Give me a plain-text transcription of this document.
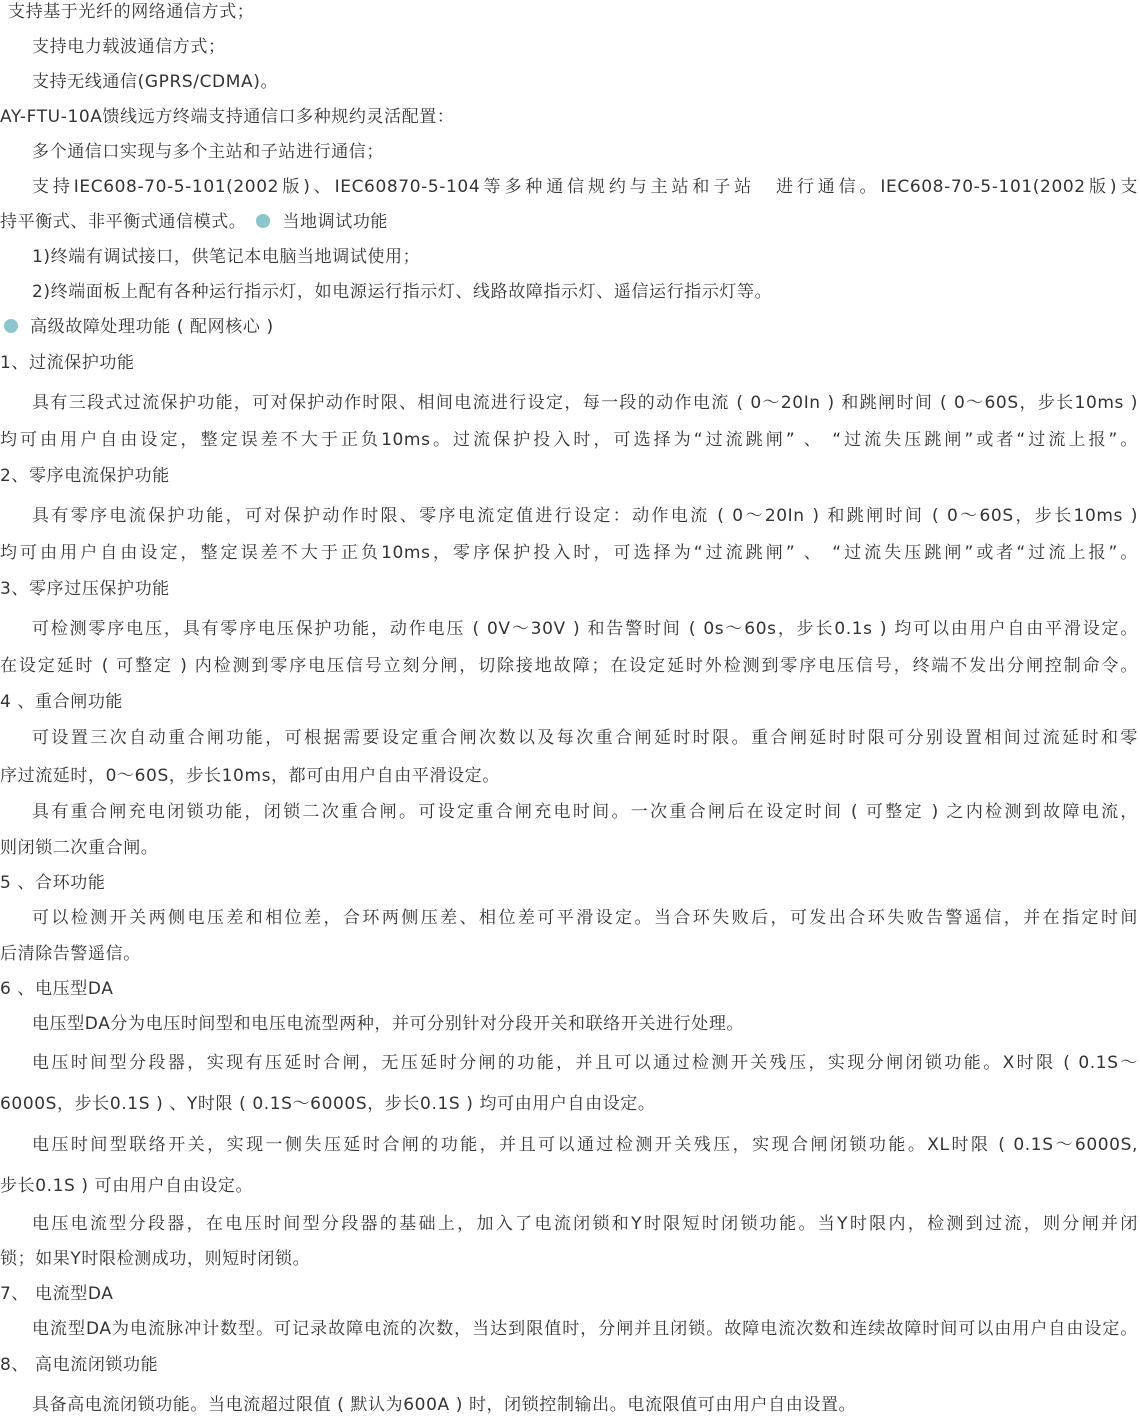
支持基于光纤的网络通信方式；
支持电力载波通信方式；
支持无线通信(GPRS/CDMA)。
AY-FTU-10A馈线远方终端支持通信口多种规约灵活配置：
多个通信口实现与多个主站和子站进行通信；
支持IEC608-70-5-101(2002版)、IEC60870-5-104等多种通信规约与主站和子站　进行通信。IEC608-70-5-101(2002版)支
持平衡式、非平衡式通信模式。 当地调试功能
1)终端有调试接口，供笔记本电脑当地调试使用；
2)终端面板上配有各种运行指示灯，如电源运行指示灯、线路故障指示灯、遥信运行指示灯等。
高级故障处理功能 ( 配网核心 )
1、过流保护功能
具有三段式过流保护功能，可对保护动作时限、相间电流进行设定，每一段的动作电流 ( 0～20In ) 和跳闸时间 ( 0～60S，步长10ms )
均可由用户自由设定，整定误差不大于正负10ms。过流保护投入时，可选择为“过流跳闸” 、 “过流失压跳闸”或者“过流上报”。
2、零序电流保护功能
具有零序电流保护功能，可对保护动作时限、零序电流定值进行设定：动作电流 ( 0～20In ) 和跳闸时间 ( 0～60S，步长10ms )
均可由用户自由设定，整定误差不大于正负10ms，零序保护投入时，可选择为“过流跳闸” 、 “过流失压跳闸”或者“过流上报”。
3、零序过压保护功能
可检测零序电压，具有零序电压保护功能，动作电压 ( 0V～30V ) 和告警时间 ( 0s～60s，步长0.1s ) 均可以由用户自由平滑设定。
在设定延时 ( 可整定 ) 内检测到零序电压信号立刻分闸，切除接地故障；在设定延时外检测到零序电压信号，终端不发出分闸控制命令。
4 、重合闸功能
可设置三次自动重合闸功能，可根据需要设定重合闸次数以及每次重合闸延时时限。重合闸延时时限可分别设置相间过流延时和零
序过流延时，0～60S，步长10ms，都可由用户自由平滑设定。
具有重合闸充电闭锁功能，闭锁二次重合闸。可设定重合闸充电时间。一次重合闸后在设定时间 ( 可整定 ) 之内检测到故障电流，
则闭锁二次重合闸。
5 、合环功能
可以检测开关两侧电压差和相位差，合环两侧压差、相位差可平滑设定。当合环失败后，可发出合环失败告警遥信，并在指定时间
后清除告警遥信。
6 、电压型DA
电压型DA分为电压时间型和电压电流型两种，并可分别针对分段开关和联络开关进行处理。
电压时间型分段器，实现有压延时合闸，无压延时分闸的功能，并且可以通过检测开关残压，实现分闸闭锁功能。X时限 ( 0.1S～
6000S，步长0.1S ) 、Y时限 ( 0.1S～6000S，步长0.1S ) 均可由用户自由设定。
电压时间型联络开关，实现一侧失压延时合闸的功能，并且可以通过检测开关残压，实现合闸闭锁功能。XL时限 ( 0.1S～6000S,
步长0.1S ) 可由用户自由设定。
电压电流型分段器，在电压时间型分段器的基础上，加入了电流闭锁和Y时限短时闭锁功能。当Y时限内，检测到过流，则分闸并闭
锁；如果Y时限检测成功，则短时闭锁。
7、 电流型DA
电流型DA为电流脉冲计数型。可记录故障电流的次数，当达到限值时，分闸并且闭锁。故障电流次数和连续故障时间可以由用户自由设定。
8、 高电流闭锁功能
具备高电流闭锁功能。当电流超过限值 ( 默认为600A ) 时，闭锁控制输出。电流限值可由用户自由设置。
